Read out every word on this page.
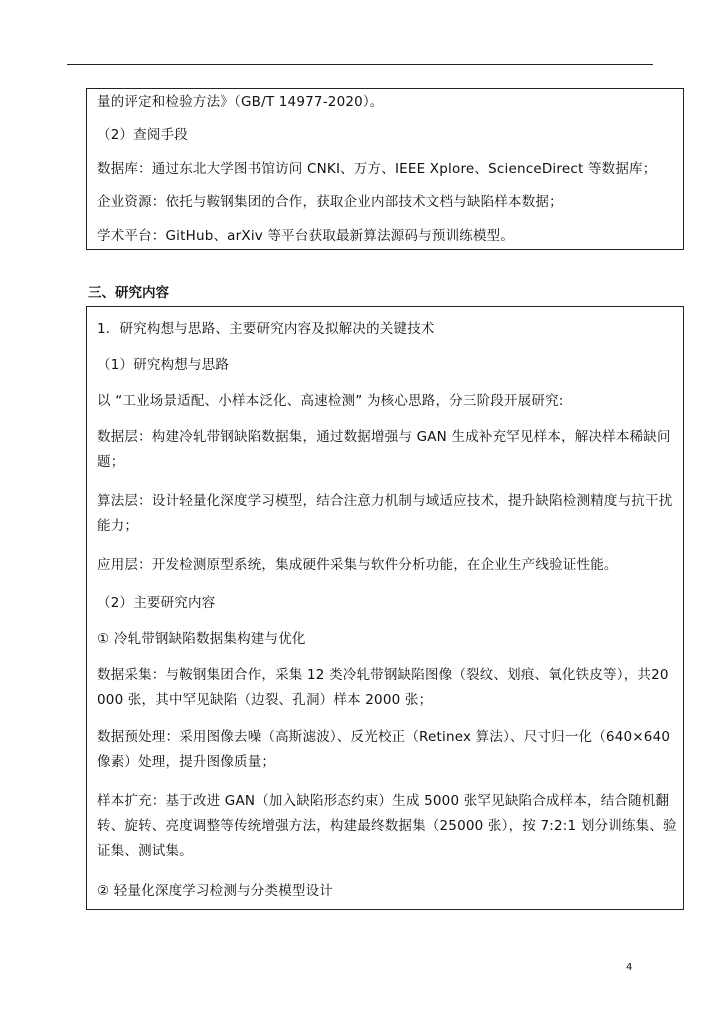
量的评定和检验方法》（GB/T 14977-2020）。

（2）查阅手段

数据库：通过东北大学图书馆访问 CNKI、万方、IEEE Xplore、ScienceDirect 等数据库；

企业资源：依托与鞍钢集团的合作，获取企业内部技术文档与缺陷样本数据；

学术平台：GitHub、arXiv 等平台获取最新算法源码与预训练模型。

三、研究内容

1．研究构想与思路、主要研究内容及拟解决的关键技术

（1）研究构想与思路

以 “工业场景适配、小样本泛化、高速检测” 为核心思路，分三阶段开展研究:

数据层：构建冷轧带钢缺陷数据集，通过数据增强与 GAN 生成补充罕见样本，解决样本稀缺问题；

算法层：设计轻量化深度学习模型，结合注意力机制与域适应技术，提升缺陷检测精度与抗干扰能力；

应用层：开发检测原型系统，集成硬件采集与软件分析功能，在企业生产线验证性能。

（2）主要研究内容

① 冷轧带钢缺陷数据集构建与优化

数据采集：与鞍钢集团合作，采集 12 类冷轧带钢缺陷图像（裂纹、划痕、氧化铁皮等），共20000 张，其中罕见缺陷（边裂、孔洞）样本 2000 张；

数据预处理：采用图像去噪（高斯滤波）、反光校正（Retinex 算法）、尺寸归一化（640×640 像素）处理，提升图像质量；

样本扩充：基于改进 GAN（加入缺陷形态约束）生成 5000 张罕见缺陷合成样本，结合随机翻转、旋转、亮度调整等传统增强方法，构建最终数据集（25000 张），按 7:2:1 划分训练集、验证集、测试集。

② 轻量化深度学习检测与分类模型设计

4
